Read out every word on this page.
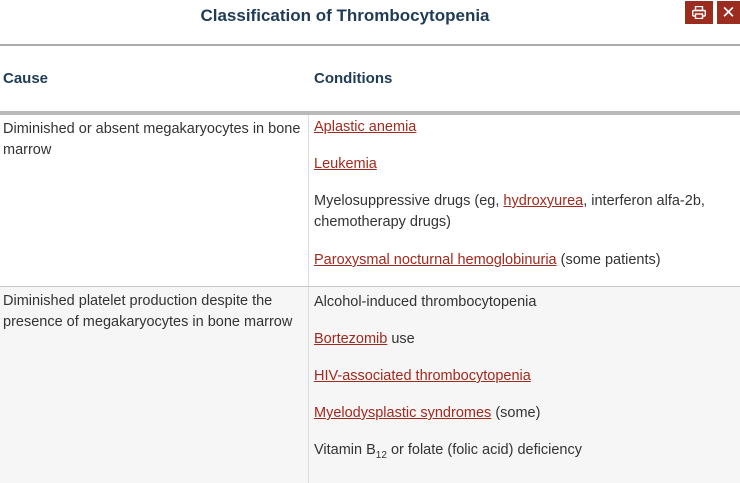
Classification of Thrombocytopenia	✕
Cause	Conditions
Diminished or absent megakaryocytes in bone marrow
Aplastic anemia
Leukemia
Myelosuppressive drugs (eg, hydroxyurea, interferon alfa-2b, chemotherapy drugs)
Paroxysmal nocturnal hemoglobinuria (some patients)
Diminished platelet production despite the presence of megakaryocytes in bone marrow
Alcohol-induced thrombocytopenia
Bortezomib use
HIV-associated thrombocytopenia
Myelodysplastic syndromes (some)
Vitamin $B_{12}$ or folate (folic acid) deficiency
